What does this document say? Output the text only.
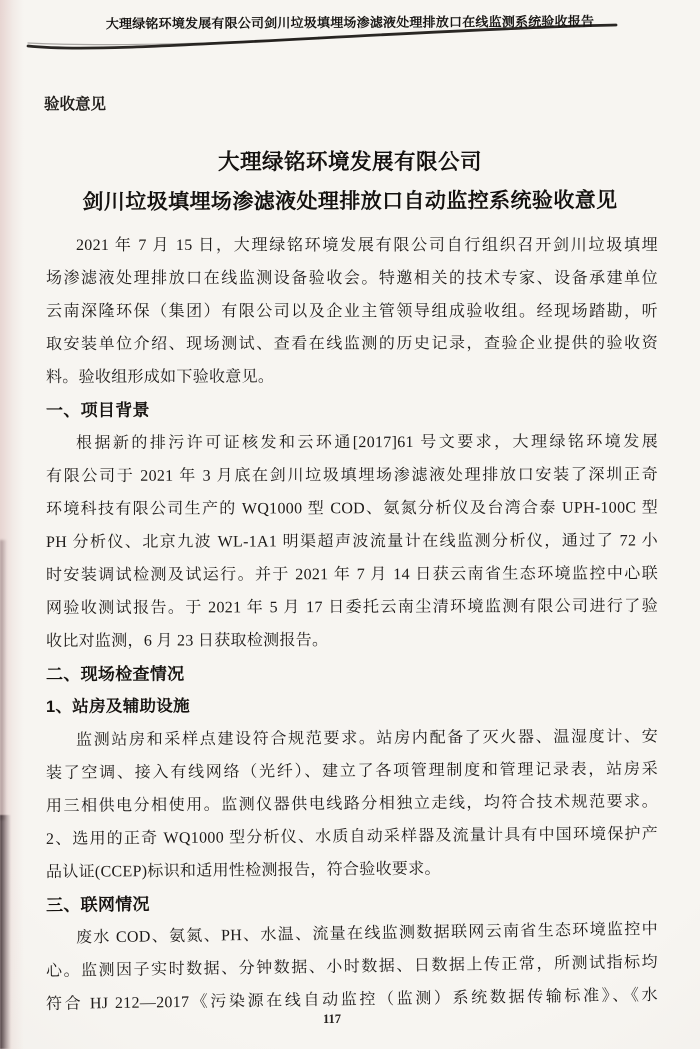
大理绿铭环境发展有限公司剑川垃圾填埋场渗滤液处理排放口在线监测系统验收报告
验收意见
大理绿铭环境发展有限公司
剑川垃圾填埋场渗滤液处理排放口自动监控系统验收意见
2021 年 7 月 15 日，大理绿铭环境发展有限公司自行组织召开剑川垃圾填埋
场渗滤液处理排放口在线监测设备验收会。特邀相关的技术专家、设备承建单位
云南深隆环保（集团）有限公司以及企业主管领导组成验收组。经现场踏勘，听
取安装单位介绍、现场测试、查看在线监测的历史记录，查验企业提供的验收资
料。验收组形成如下验收意见。
一、项目背景
根据新的排污许可证核发和云环通[2017]61 号文要求，大理绿铭环境发展
有限公司于 2021 年 3 月底在剑川垃圾填埋场渗滤液处理排放口安装了深圳正奇
环境科技有限公司生产的 WQ1000 型 COD、氨氮分析仪及台湾合泰 UPH-100C 型
PH 分析仪、北京九波 WL-1A1 明渠超声波流量计在线监测分析仪，通过了 72 小
时安装调试检测及试运行。并于 2021 年 7 月 14 日获云南省生态环境监控中心联
网验收测试报告。于 2021 年 5 月 17 日委托云南尘清环境监测有限公司进行了验
收比对监测，6 月 23 日获取检测报告。
二、现场检查情况
1、站房及辅助设施
监测站房和采样点建设符合规范要求。站房内配备了灭火器、温湿度计、安
装了空调、接入有线网络（光纤）、建立了各项管理制度和管理记录表，站房采
用三相供电分相使用。监测仪器供电线路分相独立走线，均符合技术规范要求。
2、选用的正奇 WQ1000 型分析仪、水质自动采样器及流量计具有中国环境保护产
品认证(CCEP)标识和适用性检测报告，符合验收要求。
三、联网情况
废水 COD、氨氮、PH、水温、流量在线监测数据联网云南省生态环境监控中
心。监测因子实时数据、分钟数据、小时数据、日数据上传正常，所测试指标均
符合 HJ 212—2017《污染源在线自动监控（监测）系统数据传输标准》、《水
117
